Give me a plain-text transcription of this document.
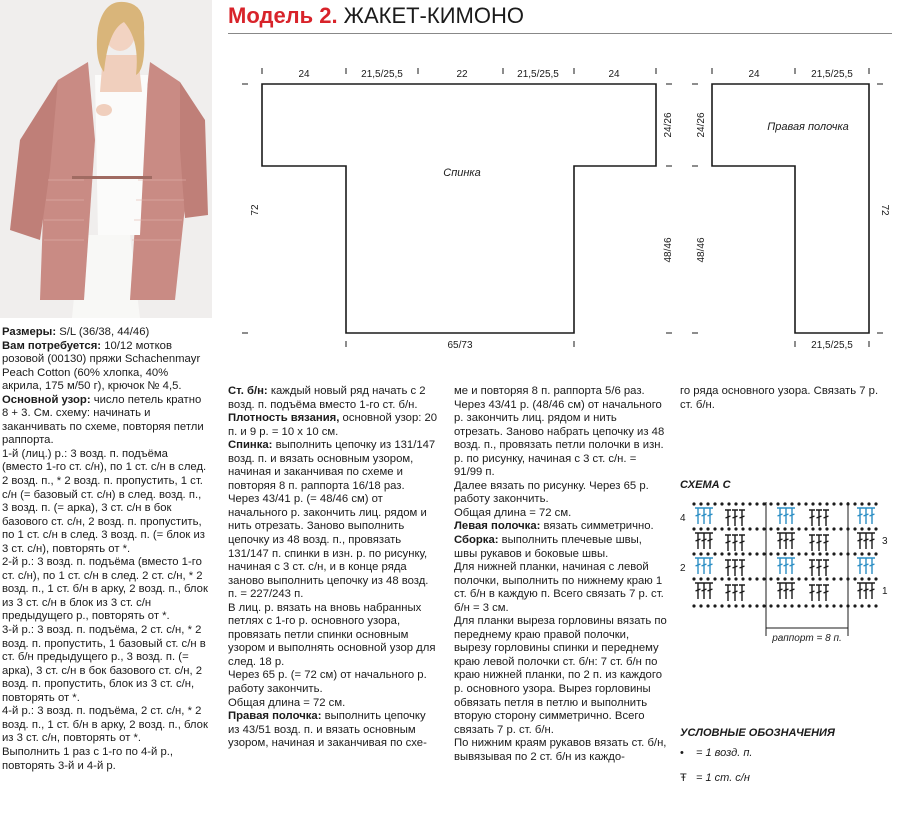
Модель 2. ЖАКЕТ-КИМОНО
24	21,5/25,5	22	21,5/25,5	24
65/73
72
24/26
48/46
Спинка
24	21,5/25,5
21,5/25,5
24/26
48/46
72
Правая полочка

Размеры: S/L (36/38, 44/46)

Вам потребуется: 10/12 мотков розовой (00130) пряжи Schachenmayr Peach Cotton (60% хлопка, 40% акрила, 175 м/50 г), крючок № 4,5.

Основной узор: число петель кратно 8 + 3. См. схему: начинать и заканчивать по схеме, повторяя петли раппорта.

1-й (лиц.) р.: 3 возд. п. подъёма (вместо 1-го ст. с/н), по 1 ст. с/н в след. 2 возд. п., * 2 возд. п. пропустить, 1 ст. с/н (= базовый ст. с/н) в след. возд. п., 3 возд. п. (= арка), 3 ст. с/н в бок базового ст. с/н, 2 возд. п. пропустить, по 1 ст. с/н в след. 3 возд. п. (= блок из 3 ст. с/н), повторять от *.

2-й р.: 3 возд. п. подъёма (вместо 1-го ст. с/н), по 1 ст. с/н в след. 2 ст. с/н, * 2 возд. п., 1 ст. б/н в арку, 2 возд. п., блок из 3 ст. с/н в блок из 3 ст. с/н предыдущего р., повторять от *.

3-й р.: 3 возд. п. подъёма, 2 ст. с/н, * 2 возд. п. пропустить, 1 базовый ст. с/н в ст. б/н предыдущего р., 3 возд. п. (= арка), 3 ст. с/н в бок базового ст. с/н, 2 возд. п. пропустить, блок из 3 ст. с/н, повторять от *.

4-й р.: 3 возд. п. подъёма, 2 ст. с/н, * 2 возд. п., 1 ст. б/н в арку, 2 возд. п., блок из 3 ст. с/н, повторять от *.

Выполнить 1 раз с 1-го по 4-й р., повторять 3-й и 4-й р.

Ст. б/н: каждый новый ряд начать с 2 возд. п. подъёма вместо 1-го ст. б/н.

Плотность вязания, основной узор: 20 п. и 9 р. = 10 x 10 см.

Спинка: выполнить цепочку из 131/147 возд. п. и вязать основным узором, начиная и заканчивая по схеме и повторяя 8 п. раппорта 16/18 раз.

Через 43/41 р. (= 48/46 см) от начального р. закончить лиц. рядом и нить отрезать. Заново выполнить цепочку из 48 возд. п., провязать 131/147 п. спинки в изн. р. по рисунку, начиная с 3 ст. с/н, и в конце ряда заново выполнить цепочку из 48 возд. п. = 227/243 п.

В лиц. р. вязать на вновь набранных петлях с 1-го р. основного узора, провязать петли спинки основным узором и выполнять основной узор для след. 18 р.

Через 65 р. (= 72 см) от начального р. работу закончить.

Общая длина = 72 см.

Правая полочка: выполнить цепочку из 43/51 возд. п. и вязать основным узором, начиная и заканчивая по схе-

ме и повторяя 8 п. раппорта 5/6 раз.

Через 43/41 р. (48/46 см) от начального р. закончить лиц. рядом и нить отрезать. Заново набрать цепочку из 48 возд. п., провязать петли полочки в изн. р. по рисунку, начиная с 3 ст. с/н. = 91/99 п.

Далее вязать по рисунку. Через 65 р. работу закончить.

Общая длина = 72 см.

Левая полочка: вязать симметрично.

Сборка: выполнить плечевые швы, швы рукавов и боковые швы.

Для нижней планки, начиная с левой полочки, выполнить по нижнему краю 1 ст. б/н в каждую п. Всего связать 7 р. ст. б/н = 3 см.

Для планки выреза горловины вязать по переднему краю правой полочки, вырезу горловины спинки и переднему краю левой полочки ст. б/н: 7 ст. б/н по краю нижней планки, по 2 п. из каждого р. основного узора. Вырез горловины обвязать петля в петлю и выполнить вторую сторону симметрично. Всего связать 7 р. ст. б/н.

По нижним краям рукавов вязать ст. б/н, вывязывая по 2 ст. б/н из каждо-

го ряда основного узора. Связать 7 р. ст. б/н.

СХЕМА С
4
2
3
1
раппорт = 8 п.
УСЛОВНЫЕ ОБОЗНАЧЕНИЯ
• = 1 возд. п.
Ŧ = 1 ст. с/н
